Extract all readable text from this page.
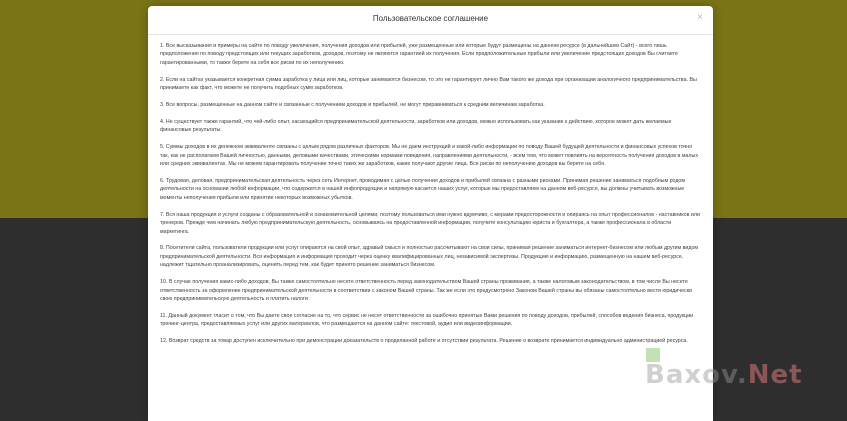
Пользовательское соглашение	×

1. Все высказывания и примеры на сайте по поводу увеличения, получения доходов или прибылей, уже размещенные или которые будут размещены на данном ресурсе (в дальнейшем Сайт) - всего лишь предположения по поводу предстоящих или текущих заработков, доходов, поэтому не являются гарантией их получения. Если предположительные прибыли или увеличение предстоящих доходов Вы считаете гарантированными, то также берете на себя все риски по их неполучению.

2. Если на сайтах указывается конкретная сумма заработка у лица или лиц, которые занимаются бизнесом, то это не гарантирует лично Вам такого же дохода при организации аналогичного предпринимательства. Вы принимаете как факт, что можете не получить подобных сумм заработков.

3. Все вопросы, размещенные на данном сайте и связанные с получением доходов и прибылей, не могут приравниваться к средним величинам заработка.

4. Не существует также гарантий, что чей-либо опыт, касающийся предпринимательской деятельности, заработков или доходов, можно использовать как указание к действию, которое может дать желаемые финансовые результаты.

5. Суммы доходов в их денежном эквиваленте связаны с целым рядом различных факторов. Мы не даем инструкций и какой-либо информации по поводу Вашей будущей деятельности и финансовых успехов точно так, как не располагаем Вашей личностью, данными, деловыми качествами, этическими нормами поведения, направлениями деятельности, - всем тем, что может повлиять на вероятность получения доходов в малых или средних эквивалентах. Мы не можем гарантировать получение точно таких же заработков, какие получают другие лица. Все риски по неполучению доходов вы берете на себя.

6. Трудовая, деловая, предпринимательская деятельность через сеть Интернет, проводимая с целью получения доходов и прибылей связана с разными рисками. Принимая решение заниматься подобным родом деятельности на основании любой информации, что содержится в нашей инфопродукции и напрямую касается наших услуг, которые мы предоставляем на данном веб-ресурсе, вы должны учитывать возможные моменты неполучения прибыли или принятие некоторых возможных убытков.

7. Вся наша продукция и услуги созданы с образовательной и ознакомительной целями, поэтому пользоваться ими нужно вдумчиво, с мерами предосторожности и опираясь на опыт профессионалов - наставников или тренеров. Прежде чем начинать любую предпринимательскую деятельность, основываясь на предоставленной информации, получите консультацию юриста и бухгалтера, а также профессионала в области маркетинга.

8. Посетители сайта, пользователи продукции или услуг опираются на свой опыт, здравый смысл и полностью рассчитывают на свои силы, принимая решение заниматься интернет-бизнесом или любым другим видом предпринимательской деятельности. Вся информация и информация проходит через оценку квалифицированных лиц, независимой экспертизы. Продукцию и информацию, размещенную на нашем веб-ресурсе, надлежит тщательно проанализировать, оценить перед тем, как будет принято решение заниматься бизнесом.

10. В случае получения каких-либо доходов, Вы также самостоятельно несете ответственность перед законодательством Вашей страны проживания, а также налоговым законодательством, в том числе Вы несете ответственность за оформление предпринимательской деятельности в соответствии с законом Вашей страны. Так же если это предусмотрено Законом Вашей страны вы обязаны самостоятельно вести юридически свою предпринимательскую деятельность и платить налоги

11. Данный документ гласит о том, что Вы даете свое согласие на то, что сервис не несет ответственности за ошибочно принятые Вами решения по поводу доходов, прибылей, способов ведения бизнеса, продукции тренинг-центра, предоставляемых услуг или других материалов, что размещаются на данном сайте: текстовой, аудио или видеоинформации.

12. Возврат средств за товар доступен исключительно при демонстрации доказательств о проделанной работе и отсутствии результата. Решение о возврате принимается индивидуально администрацией ресурса.

Baxov.Net
